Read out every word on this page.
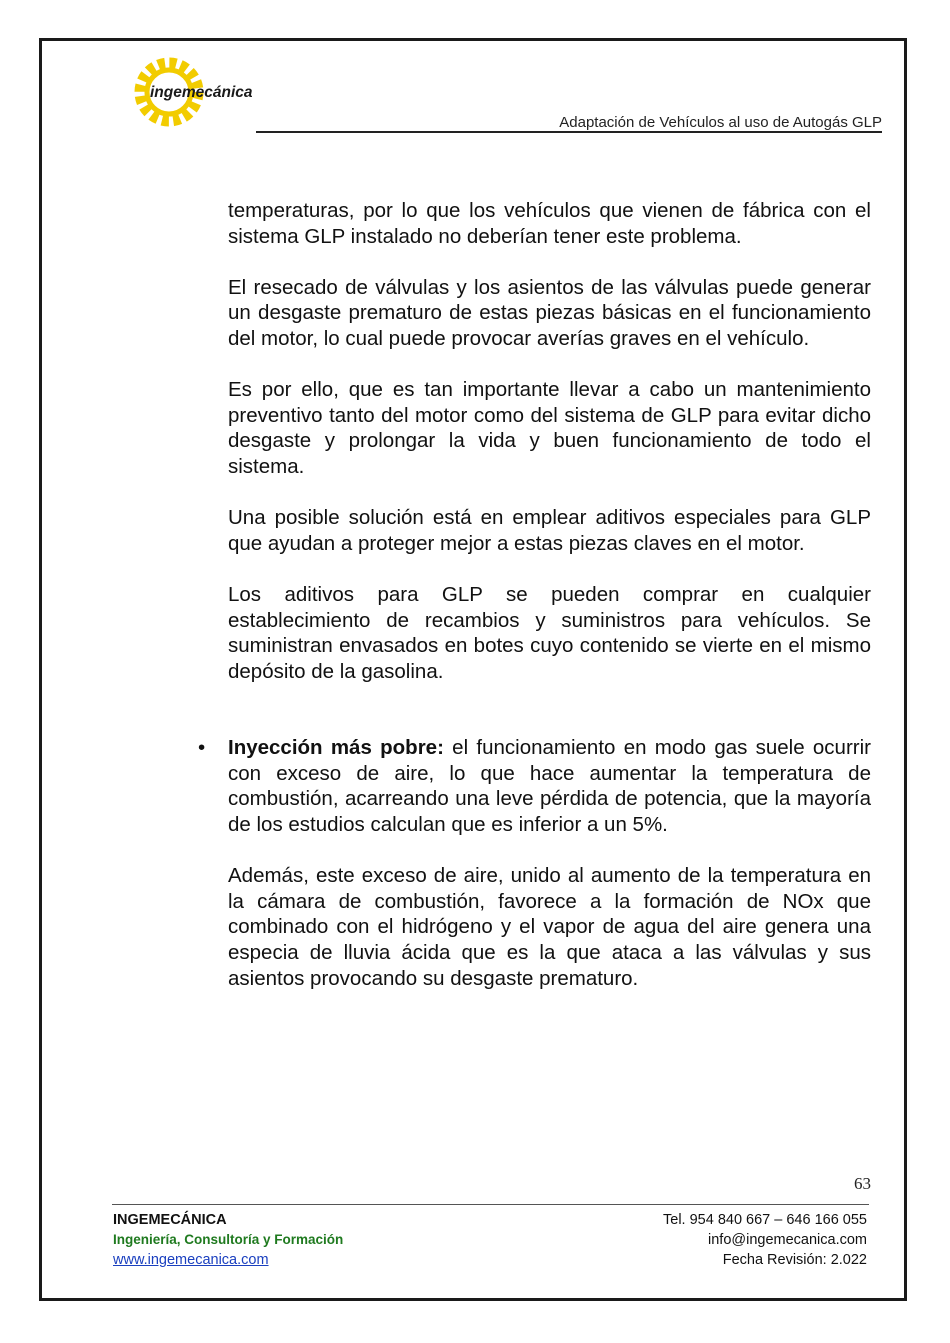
ingemecánica
Adaptación de Vehículos al uso de Autogás GLP

temperaturas, por lo que los vehículos que vienen de fábrica con el sistema GLP instalado no deberían tener este problema.

El resecado de válvulas y los asientos de las válvulas puede generar un desgaste prematuro de estas piezas básicas en el funcionamiento del motor, lo cual puede provocar averías graves en el vehículo.

Es por ello, que es tan importante llevar a cabo un mantenimiento preventivo tanto del motor como del sistema de GLP para evitar dicho desgaste y prolongar la vida y buen funcionamiento de todo el sistema.

Una posible solución está en emplear aditivos especiales para GLP que ayudan a proteger mejor a estas piezas claves en el motor.

Los aditivos para GLP se pueden comprar en cualquier establecimiento de recambios y suministros para vehículos. Se suministran envasados en botes cuyo contenido se vierte en el mismo depósito de la gasolina.

• Inyección más pobre: el funcionamiento en modo gas suele ocurrir con exceso de aire, lo que hace aumentar la temperatura de combustión, acarreando una leve pérdida de potencia, que la mayoría de los estudios calculan que es inferior a un 5%.

Además, este exceso de aire, unido al aumento de la temperatura en la cámara de combustión, favorece a la formación de NOx que combinado con el hidrógeno y el vapor de agua del aire genera una especia de lluvia ácida que es la que ataca a las válvulas y sus asientos provocando su desgaste prematuro.

63
INGEMECÁNICA
Ingeniería, Consultoría y Formación
www.ingemecanica.com
Tel. 954 840 667 – 646 166 055
info@ingemecanica.com
Fecha Revisión: 2.022
